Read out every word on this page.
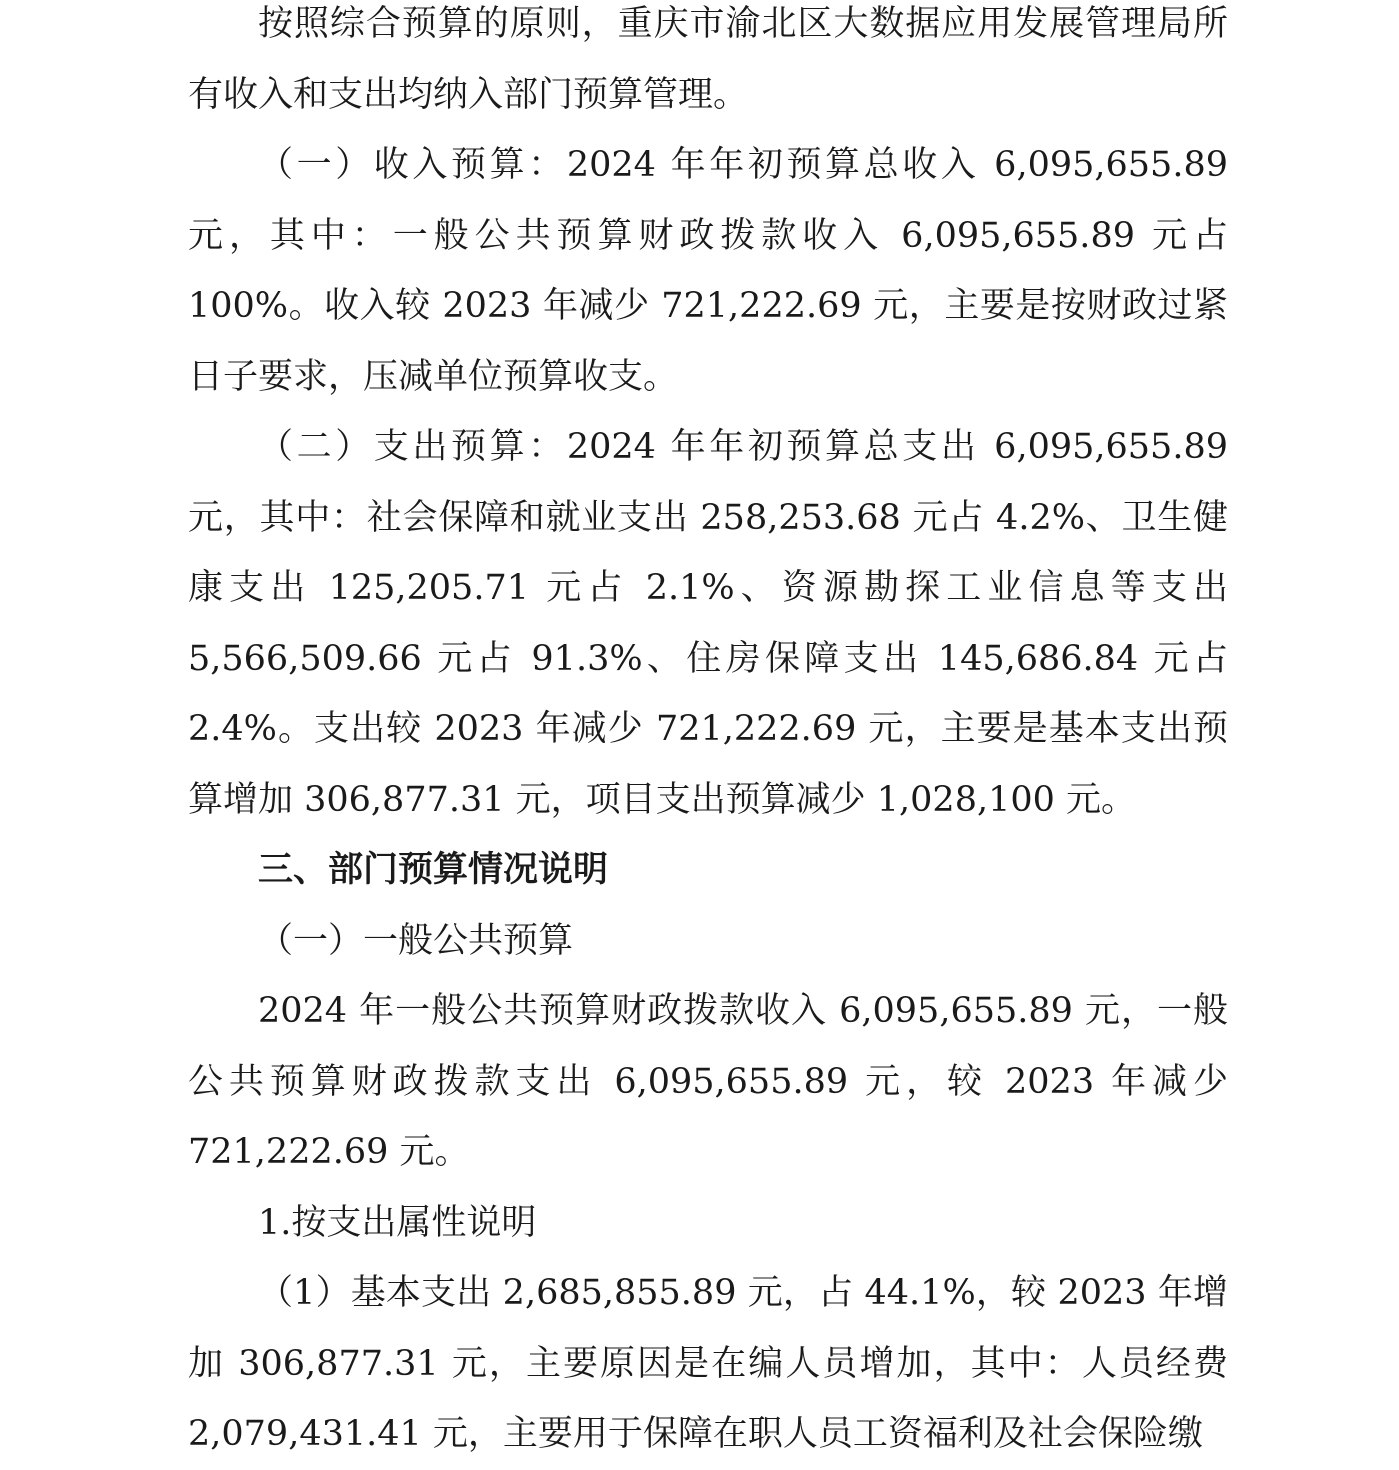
按照综合预算的原则，重庆市渝北区大数据应用发展管理局所有收入和支出均纳入部门预算管理。

（一）收入预算：2024 年年初预算总收入 6,095,655.89 元，其中：一般公共预算财政拨款收入 6,095,655.89 元占 100%。收入较 2023 年减少 721,222.69 元，主要是按财政过紧日子要求，压减单位预算收支。

（二）支出预算：2024 年年初预算总支出 6,095,655.89 元，其中：社会保障和就业支出 258,253.68 元占 4.2%、卫生健康支出 125,205.71 元占 2.1%、资源勘探工业信息等支出 5,566,509.66 元占 91.3%、住房保障支出 145,686.84 元占 2.4%。支出较 2023 年减少 721,222.69 元，主要是基本支出预算增加 306,877.31 元，项目支出预算减少 1,028,100 元。

三、部门预算情况说明

（一）一般公共预算

2024 年一般公共预算财政拨款收入 6,095,655.89 元，一般公共预算财政拨款支出 6,095,655.89 元，较 2023 年减少 721,222.69 元。

1.按支出属性说明

（1）基本支出 2,685,855.89 元，占 44.1%，较 2023 年增加 306,877.31 元，主要原因是在编人员增加，其中：人员经费 2,079,431.41 元，主要用于保障在职人员工资福利及社会保险缴
